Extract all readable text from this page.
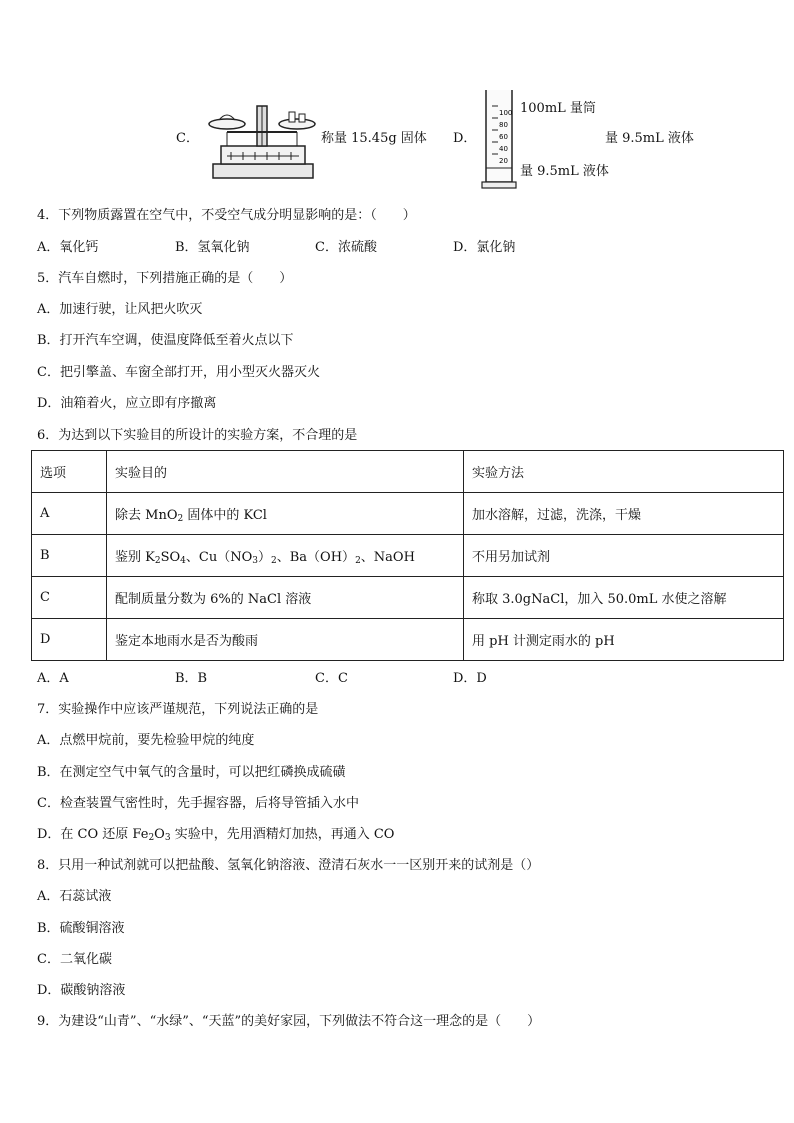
C．	称量 15.45g 固体 D．
100
80
60
40
20
100mL 量筒
量 9.5mL 液体
量 9.5mL 液体
4．下列物质露置在空气中，不受空气成分明显影响的是：（　　）
A．氧化钙	B．氢氧化钠	C．浓硫酸	D．氯化钠
5．汽车自燃时，下列措施正确的是（　　）
A．加速行驶，让风把火吹灭
B．打开汽车空调，使温度降低至着火点以下
C．把引擎盖、车窗全部打开，用小型灭火器灭火
D．油箱着火，应立即有序撤离
6．为达到以下实验目的所设计的实验方案，不合理的是
选项	实验目的	实验方法
A	除去 MnO$_2$ 固体中的 KCl	加水溶解，过滤，洗涤，干燥
B	鉴别 $K_2SO_4$、$Cu(NO_3)_2$、$Ba(OH)_2$、NaOH	不用另加试剂
C	配制质量分数为 6%的 NaCl 溶液	称取 3.0gNaCl，加入 50.0mL 水使之溶解
D	鉴定本地雨水是否为酸雨	用 pH 计测定雨水的 pH
A．A	B．B	C．C	D．D
7．实验操作中应该严谨规范，下列说法正确的是
A．点燃甲烷前，要先检验甲烷的纯度
B．在测定空气中氧气的含量时，可以把红磷换成硫磺
C．检查装置气密性时，先手握容器，后将导管插入水中
D．在 CO 还原 $Fe_2O_3$ 实验中，先用酒精灯加热，再通入 CO
8．只用一种试剂就可以把盐酸、氢氧化钠溶液、澄清石灰水一一区别开来的试剂是（）
A．石蕊试液
B．硫酸铜溶液
C．二氧化碳
D．碳酸钠溶液
9．为建设“山青”、“水绿”、“天蓝”的美好家园，下列做法不符合这一理念的是（　　）
